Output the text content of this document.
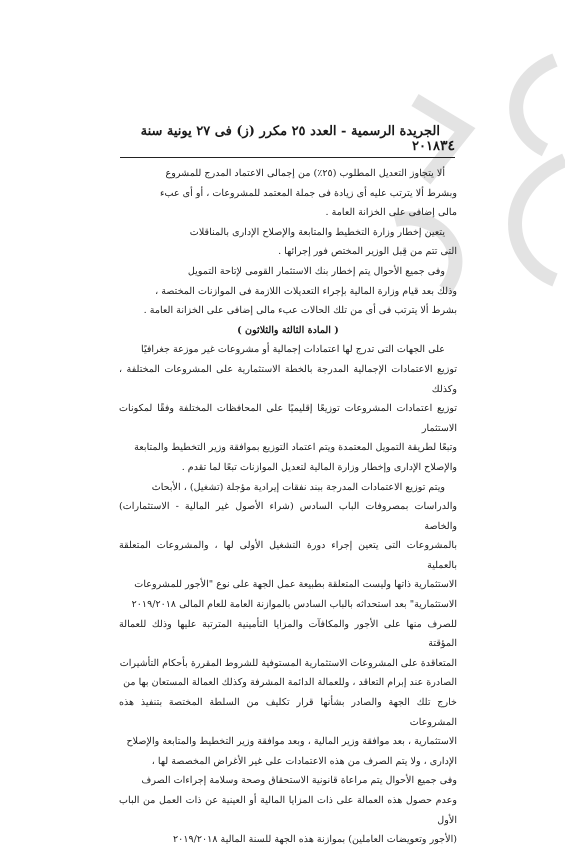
٣٤
الجريدة الرسمية - العدد ٢٥ مكرر (ز) فى ٢٧ يونية سنة ٢٠١٨

ألا يتجاوز التعديل المطلوب (٢٥٪) من إجمالى الاعتماد المدرج للمشروع

وبشرط ألا يترتب عليه أى زيادة فى جملة المعتمد للمشروعات ، أو أى عبء

مالى إضافى على الخزانة العامة .

يتعين إخطار وزارة التخطيط والمتابعة والإصلاح الإدارى بالمناقلات

التى تتم من قِبل الوزير المختص فور إجرائها .

وفى جميع الأحوال يتم إخطار بنك الاستثمار القومى لإتاحة التمويل

وذلك بعد قيام وزارة المالية بإجراء التعديلات اللازمة فى الموازنات المختصة ،

بشرط ألا يترتب فى أى من تلك الحالات عبء مالى إضافى على الخزانة العامة .

( المادة الثالثة والثلاثون )

على الجهات التى تدرج لها اعتمادات إجمالية أو مشروعات غير موزعة جغرافيًا

توزيع الاعتمادات الإجمالية المدرجة بالخطة الاستثمارية على المشروعات المختلفة ، وكذلك

توزيع اعتمادات المشروعات توزيعًا إقليميًا على المحافظات المختلفة وفقًا لمكونات الاستثمار

وتبعًا لطريقة التمويل المعتمدة ويتم اعتماد التوزيع بموافقة وزير التخطيط والمتابعة

والإصلاح الإدارى وإخطار وزارة المالية لتعديل الموازنات تبعًا لما تقدم .

ويتم توزيع الاعتمادات المدرجة ببند نفقات إيرادية مؤجلة (تشغيل) ، الأبحاث

والدراسات بمصروفات الباب السادس (شراء الأصول غير المالية - الاستثمارات) والخاصة

بالمشروعات التى يتعين إجراء دورة التشغيل الأولى لها ، والمشروعات المتعلقة بالعملية

الاستثمارية ذاتها وليست المتعلقة بطبيعة عمل الجهة على نوع "الأجور للمشروعات

الاستثمارية" بعد استحداثه بالباب السادس بالموازنة العامة للعام المالى ٢٠١٩/٢٠١٨

للصرف منها على الأجور والمكافآت والمزايا التأمينية المترتبة عليها وذلك للعمالة المؤقتة

المتعاقدة على المشروعات الاستثمارية المستوفية للشروط المقررة بأحكام التأشيرات

الصادرة عند إبرام التعاقد ، وللعمالة الدائمة المشرفة وكذلك العمالة المستعان بها من

خارج تلك الجهة والصادر بشأنها قرار تكليف من السلطة المختصة بتنفيذ هذه المشروعات

الاستثمارية ، بعد موافقة وزير المالية ، وبعد موافقة وزير التخطيط والمتابعة والإصلاح

الإدارى ، ولا يتم الصرف من هذه الاعتمادات على غير الأغراض المخصصة لها ،

وفى جميع الأحوال يتم مراعاة قانونية الاستحقاق وصحة وسلامة إجراءات الصرف

وعدم حصول هذه العمالة على ذات المزايا المالية أو العينية عن ذات العمل من الباب الأول

(الأجور وتعويضات العاملين) بموازنة هذه الجهة للسنة المالية ٢٠١٩/٢٠١٨
